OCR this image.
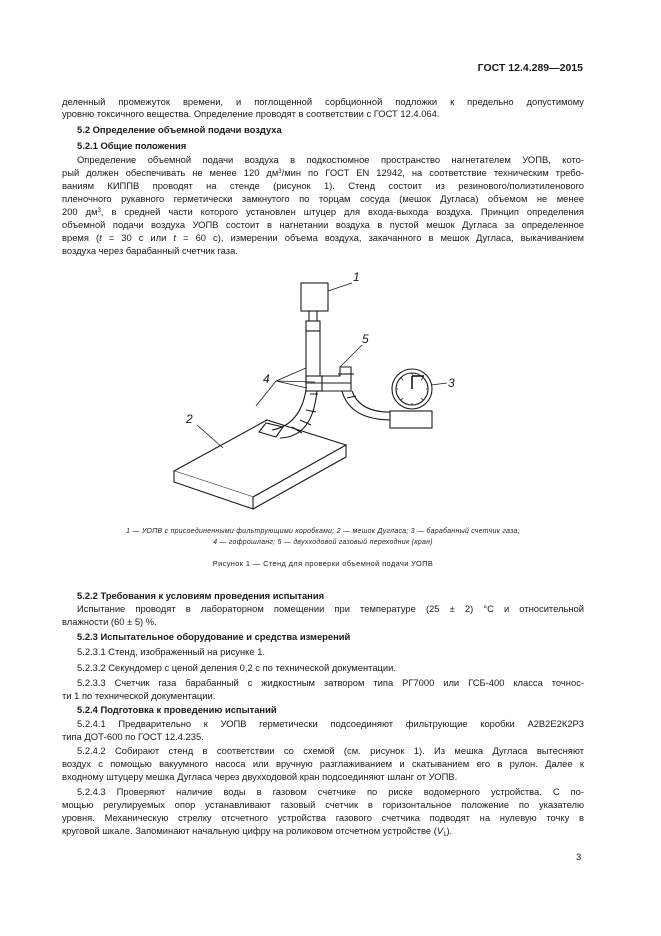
ГОСТ 12.4.289—2015
деленный промежуток времени, и поглощенной сорбционной подложки к предельно допустимому
уровню токсичного вещества. Определение проводят в соответствии с ГОСТ 12.4.064.
5.2 Определение объемной подачи воздуха
5.2.1 Общие положения
Определение объемной подачи воздуха в подкостюмное пространство нагнетателем УОПВ, кото-
рый должен обеспечивать не менее 120 $дм^3$/мин по ГОСТ EN 12942, на соответствие техническим требо-
ваниям КИППВ проводят на стенде (рисунок 1). Стенд состоит из резинового/полиэтиленового
пленочного рукавного герметически замкнутого по торцам сосуда (мешок Дугласа) объемом не менее
200 $дм^3$, в средней части которого установлен штуцер для входа-выхода воздуха. Принцип определения
объемной подачи воздуха УОПВ состоит в нагнетании воздуха в пустой мешок Дугласа за определенное
время (t = 30 с или t = 60 с), измерении объема воздуха, закачанного в мешок Дугласа, выкачиванием
воздуха через барабанный счетчик газа.
1
2
3
4
5
1 — УОПВ с присоединенными фильтрующими коробками; 2 — мешок Дугласа; 3 — барабанный счетчик газа;
4 — гофрошланг; 5 — двухходовой газовый переходник (кран)
Рисунок 1 — Стенд для проверки объемной подачи УОПВ
5.2.2 Требования к условиям проведения испытания
Испытание проводят в лабораторном помещении при температуре (25 ± 2) °С и относительной
влажности (60 ± 5) %.
5.2.3 Испытательное оборудование и средства измерений
5.2.3.1 Стенд, изображенный на рисунке 1.
5.2.3.2 Секундомер с ценой деления 0,2 с по технической документации.
5.2.3.3 Счетчик газа барабанный с жидкостным затвором типа РГ7000 или ГСБ-400 класса точнос-
ти 1 по технической документации.
5.2.4 Подготовка к проведению испытаний
5.2.4.1 Предварительно к УОПВ герметически подсоединяют фильтрующие коробки А2В2Е2К2Р3
типа ДОТ-600 по ГОСТ 12.4.235.
5.2.4.2 Собирают стенд в соответствии со схемой (см. рисунок 1). Из мешка Дугласа вытесняют
воздух с помощью вакуумного насоса или вручную разглаживанием и скатыванием его в рулон. Далее к
входному штуцеру мешка Дугласа через двухходовой кран подсоединяют шланг от УОПВ.
5.2.4.3 Проверяют наличие воды в газовом счетчике по риске водомерного устройства. С по-
мощью регулируемых опор устанавливают газовый счетчик в горизонтальное положение по указателю
уровня. Механическую стрелку отсчетного устройства газового счетчика подводят на нулевую точку в
круговой шкале. Запоминают начальную цифру на роликовом отсчетном устройстве $(V_1)$.
3
